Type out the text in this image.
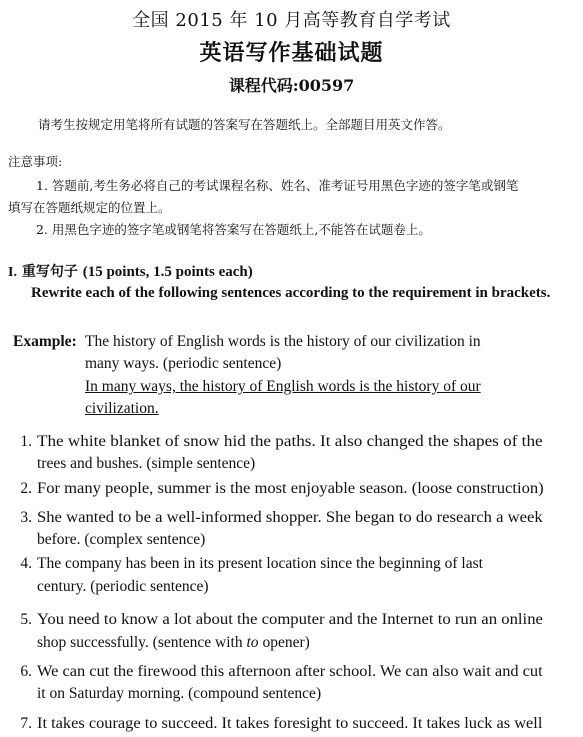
全国 2015 年 10 月高等教育自学考试
英语写作基础试题
课程代码:00597
请考生按规定用笔将所有试题的答案写在答题纸上。全部题目用英文作答。
注意事项:
1. 答题前,考生务必将自己的考试课程名称、姓名、准考证号用黑色字迹的签字笔或钢笔
填写在答题纸规定的位置上。
2. 用黑色字迹的签字笔或钢笔将答案写在答题纸上,不能答在试题卷上。
I. 重写句子 (15 points, 1.5 points each)
Rewrite each of the following sentences according to the requirement in brackets.
Example: The history of English words is the history of our civilization in
many ways. (periodic sentence)
In many ways, the history of English words is the history of our
civilization.
1. The white blanket of snow hid the paths. It also changed the shapes of the
trees and bushes. (simple sentence)
2. For many people, summer is the most enjoyable season. (loose construction)
3. She wanted to be a well-informed shopper. She began to do research a week
before. (complex sentence)
4. The company has been in its present location since the beginning of last
century. (periodic sentence)
5. You need to know a lot about the computer and the Internet to run an online
shop successfully. (sentence with to opener)
6. We can cut the firewood this afternoon after school. We can also wait and cut
it on Saturday morning. (compound sentence)
7. It takes courage to succeed. It takes foresight to succeed. It takes luck as well
